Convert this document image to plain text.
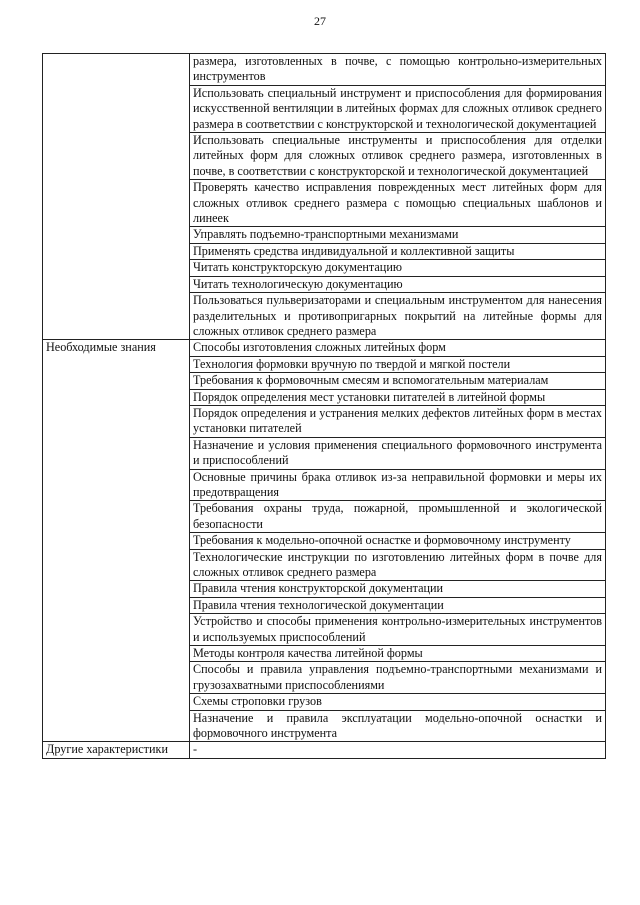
27
	размера, изготовленных в почве, с помощью контрольно-измерительных инструментов
	Использовать специальный инструмент и приспособления для формирования искусственной вентиляции в литейных формах для сложных отливок среднего размера в соответствии с конструкторской и технологической документацией
	Использовать специальные инструменты и приспособления для отделки литейных форм для сложных отливок среднего размера, изготовленных в почве, в соответствии с конструкторской и технологической документацией
	Проверять качество исправления поврежденных мест литейных форм для сложных отливок среднего размера с помощью специальных шаблонов и линеек
	Управлять подъемно-транспортными механизмами
	Применять средства индивидуальной и коллективной защиты
	Читать конструкторскую документацию
	Читать технологическую документацию
	Пользоваться пульверизаторами и специальным инструментом для нанесения разделительных и противопригарных покрытий на литейные формы для сложных отливок среднего размера
Необходимые знания	Способы изготовления сложных литейных форм
	Технология формовки вручную по твердой и мягкой постели
	Требования к формовочным смесям и вспомогательным материалам
	Порядок определения мест установки питателей в литейной формы
	Порядок определения и устранения мелких дефектов литейных форм в местах установки питателей
	Назначение и условия применения специального формовочного инструмента и приспособлений
	Основные причины брака отливок из-за неправильной формовки и меры их предотвращения
	Требования охраны труда, пожарной, промышленной и экологической безопасности
	Требования к модельно-опочной оснастке и формовочному инструменту
	Технологические инструкции по изготовлению литейных форм в почве для сложных отливок среднего размера
	Правила чтения конструкторской документации
	Правила чтения технологической документации
	Устройство и способы применения контрольно-измерительных инструментов и используемых приспособлений
	Методы контроля качества литейной формы
	Способы и правила управления подъемно-транспортными механизмами и грузозахватными приспособлениями
	Схемы строповки грузов
	Назначение и правила эксплуатации модельно-опочной оснастки и формовочного инструмента
Другие характеристики	-
